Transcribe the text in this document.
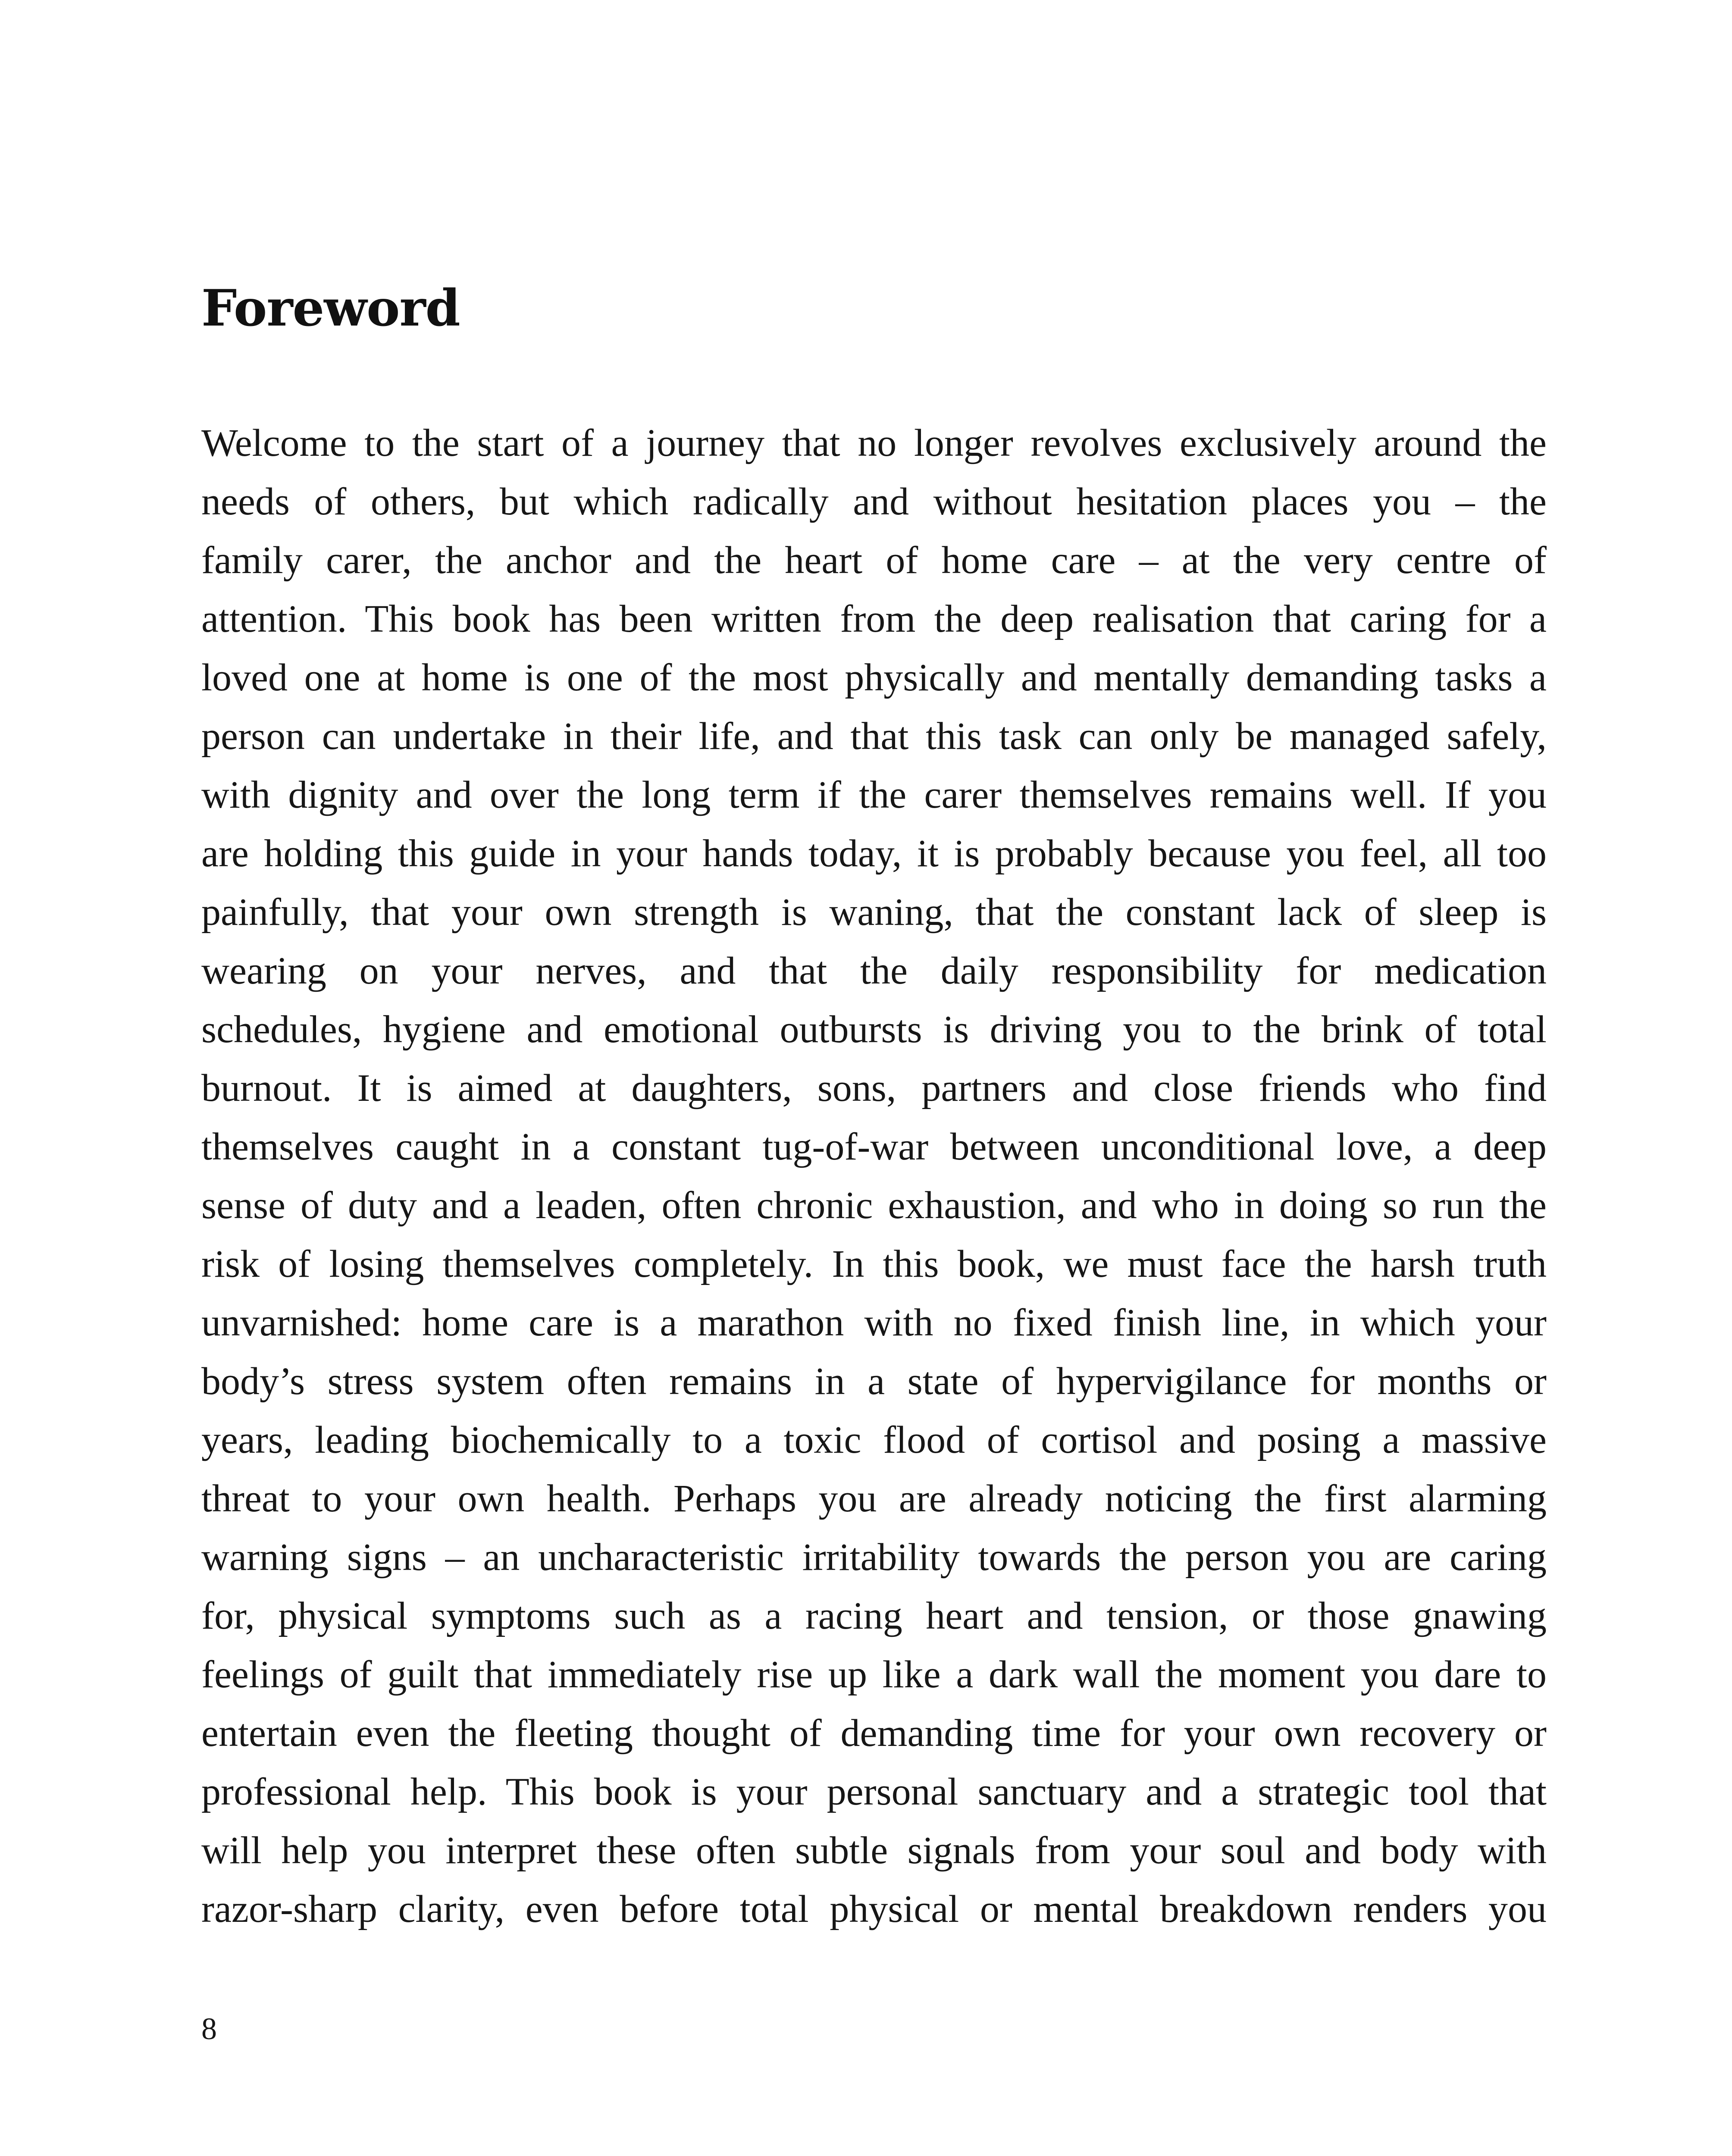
Foreword
Welcome to the start of a journey that no longer revolves exclusively around the
needs of others, but which radically and without hesitation places you – the
family carer, the anchor and the heart of home care – at the very centre of
attention. This book has been written from the deep realisation that caring for a
loved one at home is one of the most physically and mentally demanding tasks a
person can undertake in their life, and that this task can only be managed safely,
with dignity and over the long term if the carer themselves remains well. If you
are holding this guide in your hands today, it is probably because you feel, all too
painfully, that your own strength is waning, that the constant lack of sleep is
wearing on your nerves, and that the daily responsibility for medication
schedules, hygiene and emotional outbursts is driving you to the brink of total
burnout. It is aimed at daughters, sons, partners and close friends who find
themselves caught in a constant tug-of-war between unconditional love, a deep
sense of duty and a leaden, often chronic exhaustion, and who in doing so run the
risk of losing themselves completely. In this book, we must face the harsh truth
unvarnished: home care is a marathon with no fixed finish line, in which your
body’s stress system often remains in a state of hypervigilance for months or
years, leading biochemically to a toxic flood of cortisol and posing a massive
threat to your own health. Perhaps you are already noticing the first alarming
warning signs – an uncharacteristic irritability towards the person you are caring
for, physical symptoms such as a racing heart and tension, or those gnawing
feelings of guilt that immediately rise up like a dark wall the moment you dare to
entertain even the fleeting thought of demanding time for your own recovery or
professional help. This book is your personal sanctuary and a strategic tool that
will help you interpret these often subtle signals from your soul and body with
razor-sharp clarity, even before total physical or mental breakdown renders you
8
